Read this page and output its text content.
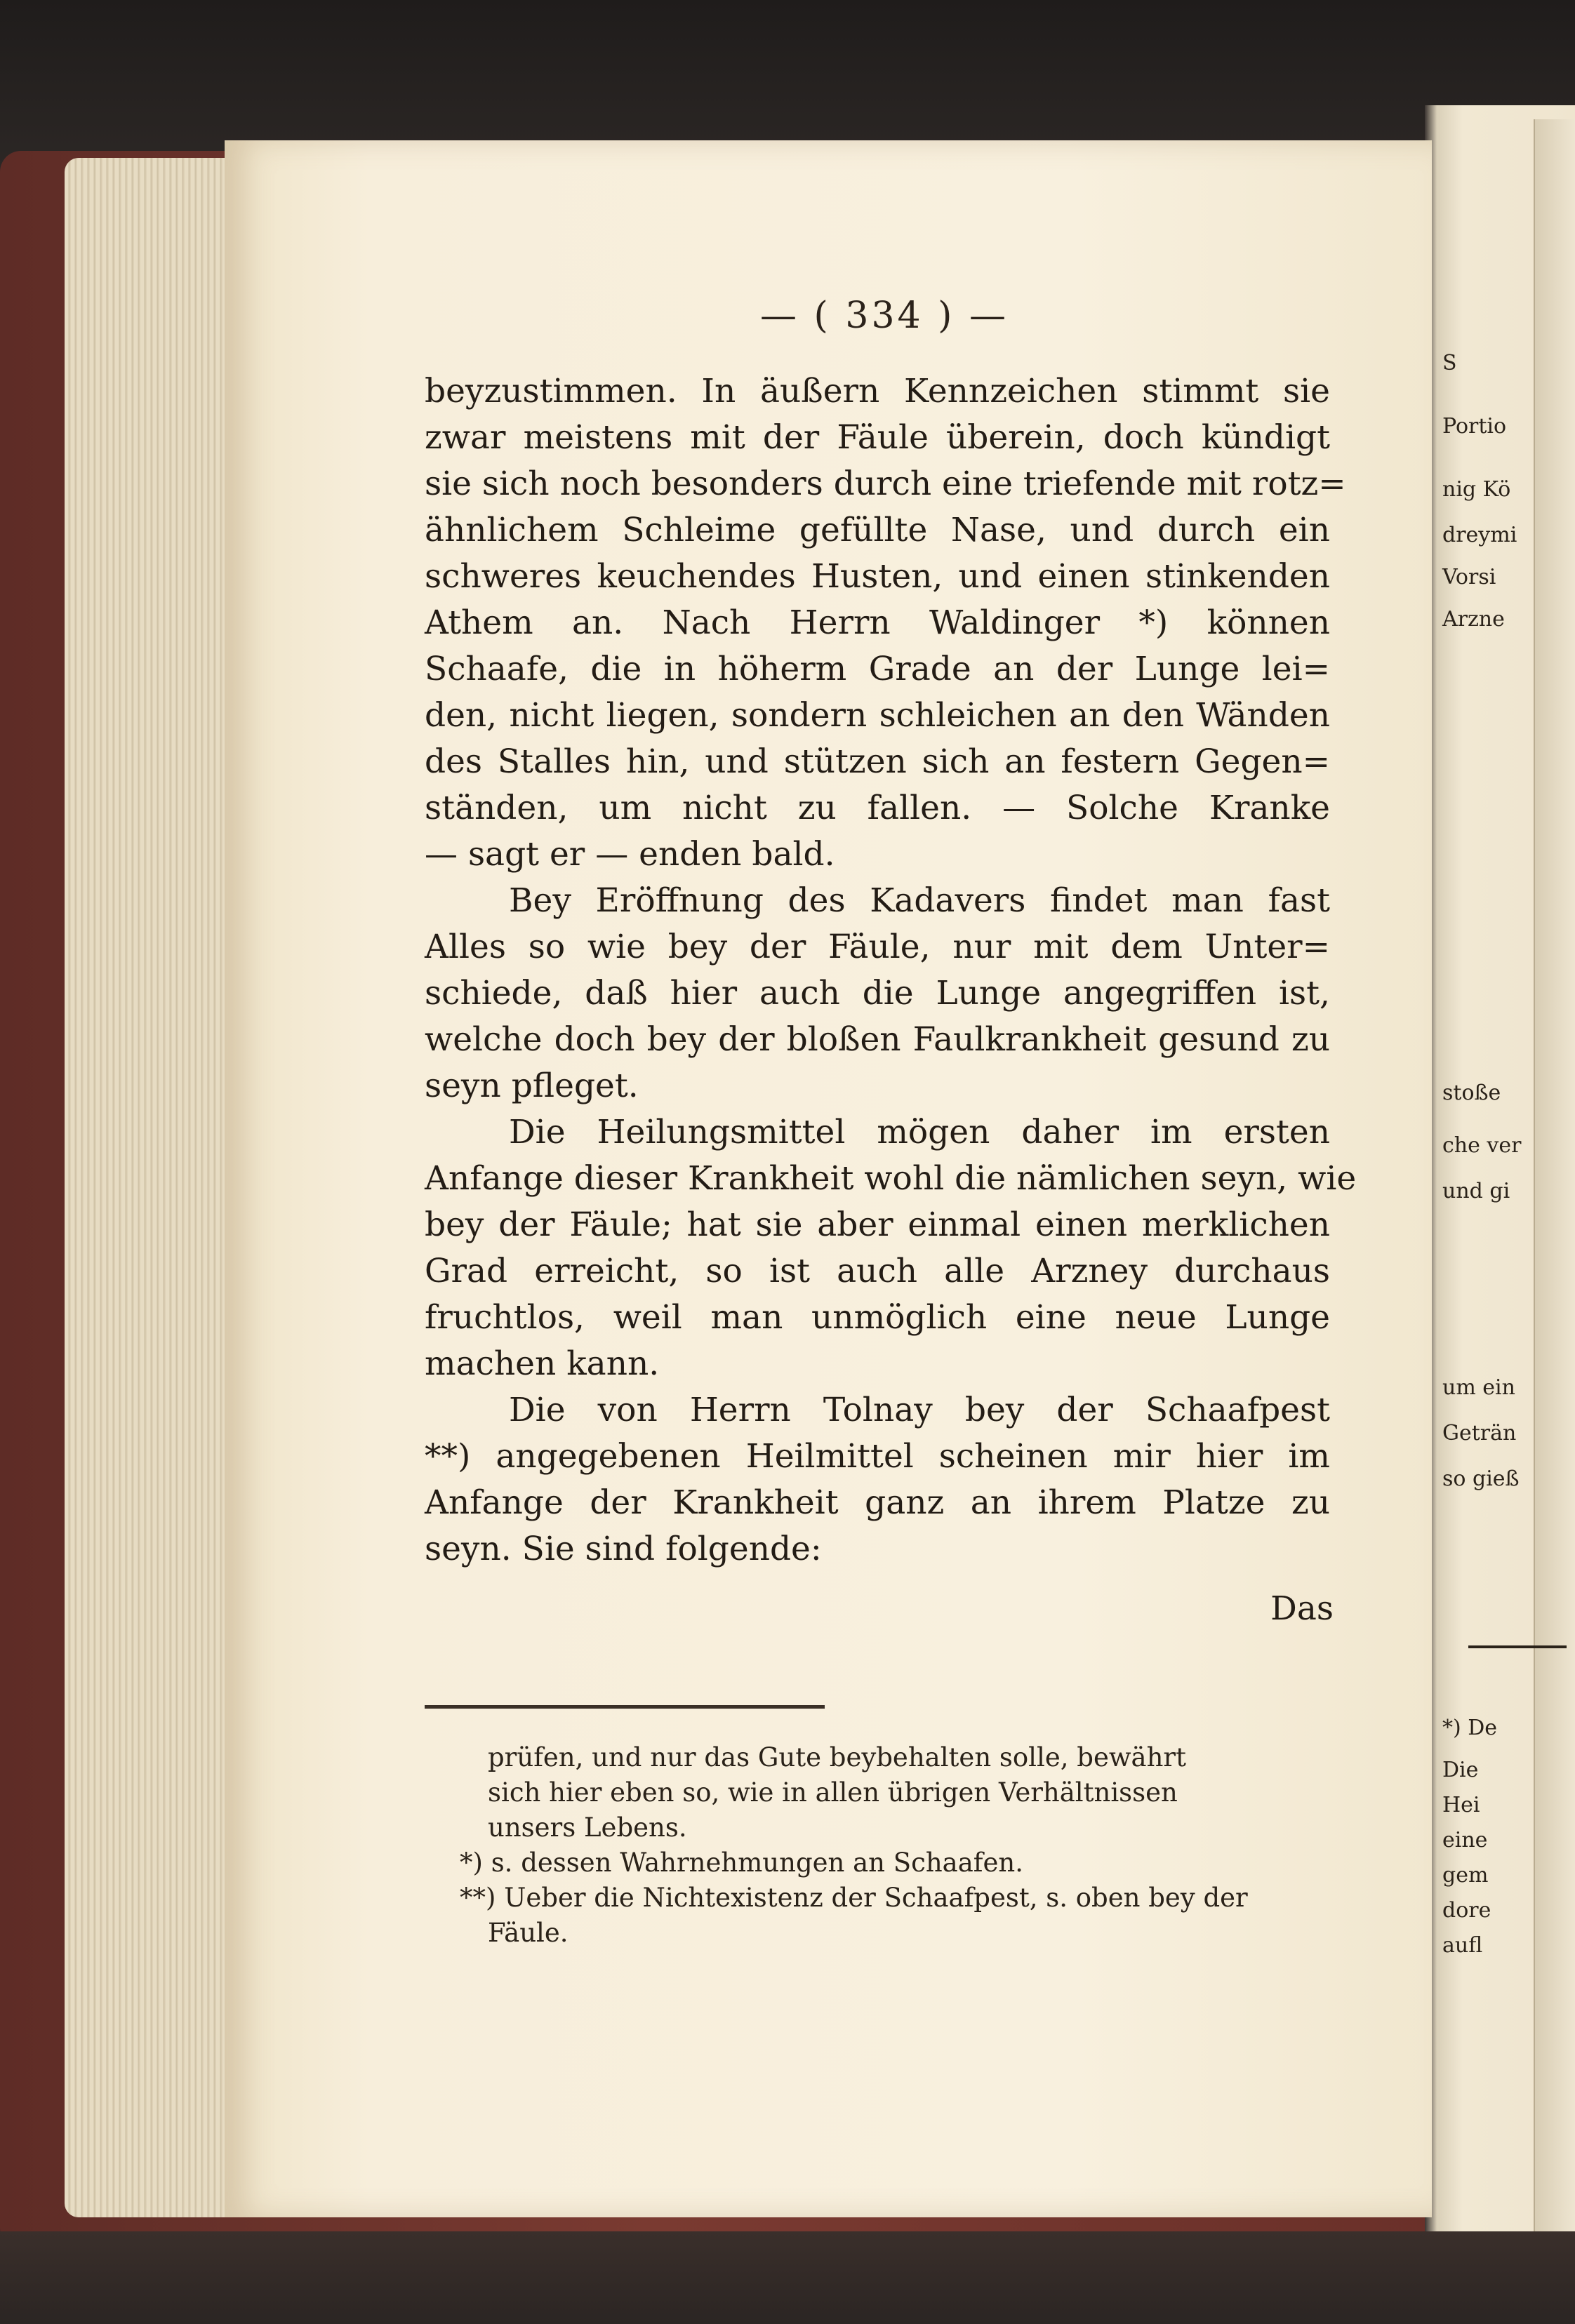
— ( 334 ) —
beyzustimmen. In äußern Kennzeichen stimmt sie
zwar meistens mit der Fäule überein, doch kündigt
sie sich noch besonders durch eine triefende mit rotz=
ähnlichem Schleime gefüllte Nase, und durch ein
schweres keuchendes Husten, und einen stinkenden
Athem an. Nach Herrn Waldinger *) können
Schaafe, die in höherm Grade an der Lunge lei=
den, nicht liegen, sondern schleichen an den Wänden
des Stalles hin, und stützen sich an festern Gegen=
ständen, um nicht zu fallen. — Solche Kranke
— sagt er — enden bald.
Bey Eröffnung des Kadavers findet man fast
Alles so wie bey der Fäule, nur mit dem Unter=
schiede, daß hier auch die Lunge angegriffen ist,
welche doch bey der bloßen Faulkrankheit gesund zu
seyn pfleget.
Die Heilungsmittel mögen daher im ersten
Anfange dieser Krankheit wohl die nämlichen seyn, wie
bey der Fäule; hat sie aber einmal einen merklichen
Grad erreicht, so ist auch alle Arzney durchaus
fruchtlos, weil man unmöglich eine neue Lunge
machen kann.
Die von Herrn Tolnay bey der Schaafpest
**) angegebenen Heilmittel scheinen mir hier im
Anfange der Krankheit ganz an ihrem Platze zu
seyn. Sie sind folgende:
Das
prüfen, und nur das Gute beybehalten solle, bewährt
sich hier eben so, wie in allen übrigen Verhältnissen
unsers Lebens.
*) s. dessen Wahrnehmungen an Schaafen.
**) Ueber die Nichtexistenz der Schaafpest, s. oben bey der
Fäule.
S
Portio
nig Kö
dreymi
Vorsi
Arzne
stoße
che ver
und gi
um ein
Geträn
so gieß
*) De
Die
Hei
eine
gem
dore
aufl
